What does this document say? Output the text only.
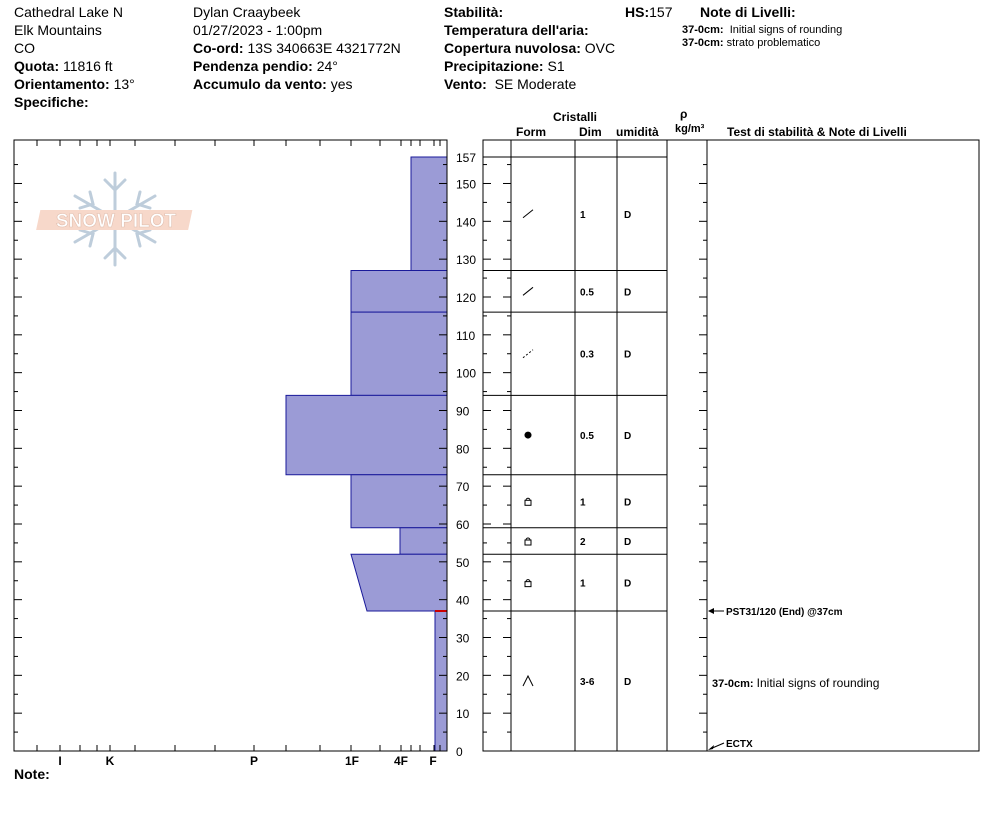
Cathedral Lake N
Elk Mountains
CO
Quota: 11816 ft
Orientamento: 13°
Specifiche:
Dylan Craaybeek
01/27/2023 - 1:00pm
Co-ord: 13S 340663E 4321772N
Pendenza pendio: 24°
Accumulo da vento: yes
Stabilità:
Temperatura dell'aria:
Copertura nuvolosa: OVC
Precipitazione: S1
Vento: SE Moderate
HS:157 Note di Livelli:
37-0cm: Initial signs of rounding
37-0cm: strato problematico
Cristalli
Form	Dim umidità
ρ
kg/m³ Test di stabilità & Note di Livelli
Note:
SNOW PILOT
I	K	P	1F	4F F
0
10
20
30
40
50
60
70
80
90
100
110
120
130
140
150
157
1	D
0.5	D
0.3	D
0.5	D
1	D
2	D
1	D
3-6	D
PST31/120 (End) @37cm
ECTX
37-0cm: Initial signs of rounding
